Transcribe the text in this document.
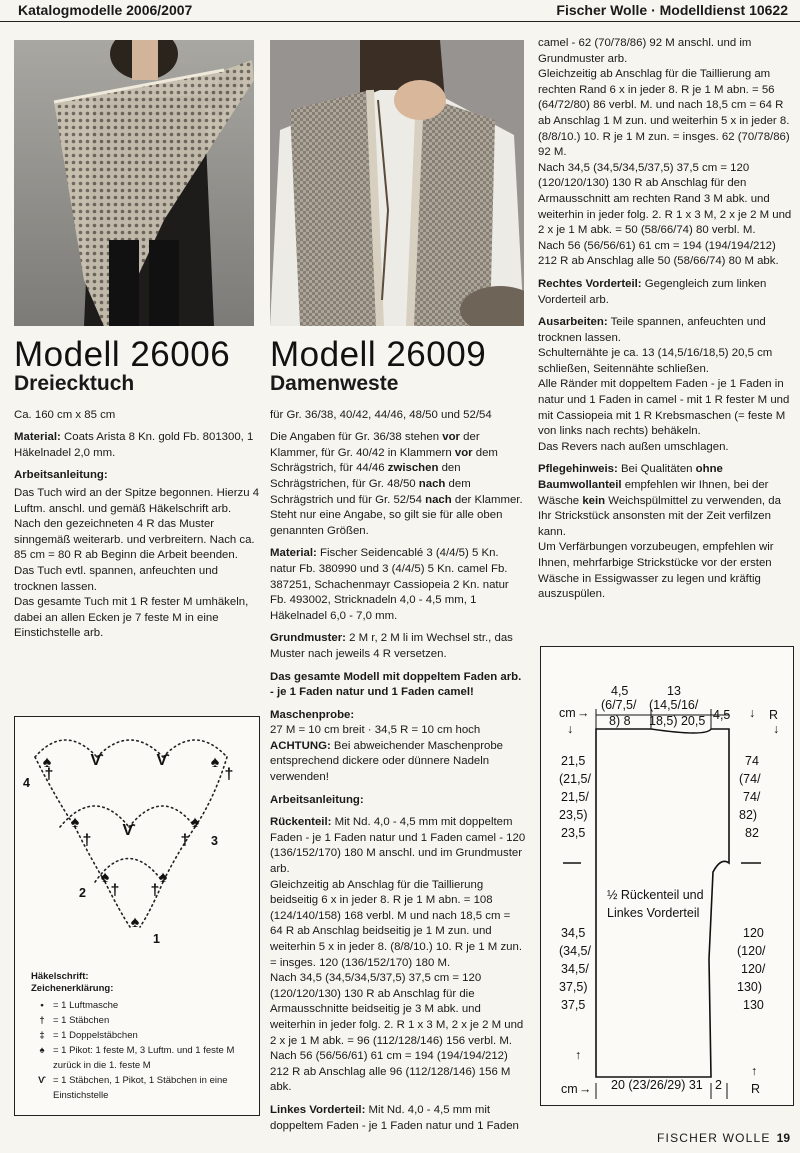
Katalogmodelle 2006/2007	Fischer Wolle · Modelldienst 10622
Modell 26006
Dreiecktuch

Ca. 160 cm x 85 cm

Material: Coats Arista 8 Kn. gold Fb. 801300, 1 Häkelnadel 2,0 mm.

Arbeitsanleitung:
Das Tuch wird an der Spitze begonnen. Hierzu 4 Luftm. anschl. und gemäß Häkelschrift arb.
Nach den gezeichneten 4 R das Muster sinngemäß weiterarb. und verbreitern. Nach ca. 85 cm = 80 R ab Beginn die Arbeit beenden.
Das Tuch evtl. spannen, anfeuchten und trocknen lassen.
Das gesamte Tuch mit 1 R fester M umhäkeln, dabei an allen Ecken je 7 feste M in eine Einstichstelle arb.
Ѵ	Ѵ
Ѵ
♠	♠
♠	♠
♠	♠
♠
†	†
†	†
† †
4
3
2
1
Häkelschrift:
Zeichenerklärung:
• = 1 Luftmasche
† = 1 Stäbchen
‡ = 1 Doppelstäbchen
♠ = 1 Pikot: 1 feste M, 3 Luftm. und 1 feste M zurück in die 1. feste M
Ѵ = 1 Stäbchen, 1 Pikot, 1 Stäbchen in eine Einstichstelle
Modell 26009
Damenweste

für Gr. 36/38, 40/42, 44/46, 48/50 und 52/54

Die Angaben für Gr. 36/38 stehen vor der Klammer, für Gr. 40/42 in Klammern vor dem Schrägstrich, für 44/46 zwischen den Schrägstrichen, für Gr. 48/50 nach dem Schrägstrich und für Gr. 52/54 nach der Klammer. Steht nur eine Angabe, so gilt sie für alle oben genannten Größen.

Material: Fischer Seidencablé 3 (4/4/5) 5 Kn. natur Fb. 380990 und 3 (4/4/5) 5 Kn. camel Fb. 387251, Schachenmayr Cassiopeia 2 Kn. natur Fb. 493002, Stricknadeln 4,0 - 4,5 mm, 1 Häkelnadel 6,0 - 7,0 mm.

Grundmuster: 2 M r, 2 M li im Wechsel str., das Muster nach jeweils 4 R versetzen.

Das gesamte Modell mit doppeltem Faden arb. - je 1 Faden natur und 1 Faden camel!

Maschenprobe:
27 M = 10 cm breit · 34,5 R = 10 cm hoch
ACHTUNG: Bei abweichender Maschenprobe entsprechend dickere oder dünnere Nadeln verwenden!

Arbeitsanleitung:

Rückenteil: Mit Nd. 4,0 - 4,5 mm mit doppeltem Faden - je 1 Faden natur und 1 Faden camel - 120 (136/152/170) 180 M anschl. und im Grundmuster arb.
Gleichzeitig ab Anschlag für die Taillierung beidseitig 6 x in jeder 8. R je 1 M abn. = 108 (124/140/158) 168 verbl. M und nach 18,5 cm = 64 R ab Anschlag beidseitig je 1 M zun. und weiterhin 5 x in jeder 8. (8/8/10.) 10. R je 1 M zun. = insges. 120 (136/152/170) 180 M.
Nach 34,5 (34,5/34,5/37,5) 37,5 cm = 120 (120/120/130) 130 R ab Anschlag für die Armausschnitte beidseitig je 3 M abk. und weiterhin in jeder folg. 2. R 1 x 3 M, 2 x je 2 M und 2 x je 1 M abk. = 96 (112/128/146) 156 verbl. M.
Nach 56 (56/56/61) 61 cm = 194 (194/194/212) 212 R ab Anschlag alle 96 (112/128/146) 156 M abk.
Linkes Vorderteil: Mit Nd. 4,0 - 4,5 mm mit doppeltem Faden - je 1 Faden natur und 1 Faden
camel - 62 (70/78/86) 92 M anschl. und im Grundmuster arb.
Gleichzeitig ab Anschlag für die Taillierung am rechten Rand 6 x in jeder 8. R je 1 M abn. = 56 (64/72/80) 86 verbl. M. und nach 18,5 cm = 64 R ab Anschlag 1 M zun. und weiterhin 5 x in jeder 8. (8/8/10.) 10. R je 1 M zun. = insges. 62 (70/78/86) 92 M.
Nach 34,5 (34,5/34,5/37,5) 37,5 cm = 120 (120/120/130) 130 R ab Anschlag für den Armausschnitt am rechten Rand 3 M abk. und weiterhin in jeder folg. 2. R 1 x 3 M, 2 x je 2 M und 2 x je 1 M abk. = 50 (58/66/74) 80 verbl. M.
Nach 56 (56/56/61) 61 cm = 194 (194/194/212) 212 R ab Anschlag alle 50 (58/66/74) 80 M abk.

Rechtes Vorderteil: Gegengleich zum linken Vorderteil arb.

Ausarbeiten: Teile spannen, anfeuchten und trocknen lassen.
Schulternähte je ca. 13 (14,5/16/18,5) 20,5 cm schließen, Seitennähte schließen.
Alle Ränder mit doppeltem Faden - je 1 Faden in natur und 1 Faden in camel - mit 1 R fester M und mit Cassiopeia mit 1 R Krebsmaschen (= feste M von links nach rechts) behäkeln.
Das Revers nach außen umschlagen.
Pflegehinweis: Bei Qualitäten ohne Baumwollanteil empfehlen wir Ihnen, bei der Wäsche kein Weichspülmittel zu verwenden, da Ihr Strickstück ansonsten mit der Zeit verfilzen kann.
Um Verfärbungen vorzubeugen, empfehlen wir Ihnen, mehrfarbige Strickstücke vor der ersten Wäsche in Essigwasser zu legen und kräftig auszuspülen.
cm →
↓
↓ R
↓
4,5
(6/7,5/
8) 8
13
(14,5/16/
18,5) 20,5 4,5
21,5
(21,5/
21,5/
23,5)
23,5
74
(74/
74/
82)
82
½ Rückenteil und
Linkes Vorderteil
34,5
(34,5/
34,5/
37,5)
37,5
120
(120/
120/
130)
130
↑
cm → 20 (23/26/29) 31 2
↑
R
FISCHER WOLLE 19
